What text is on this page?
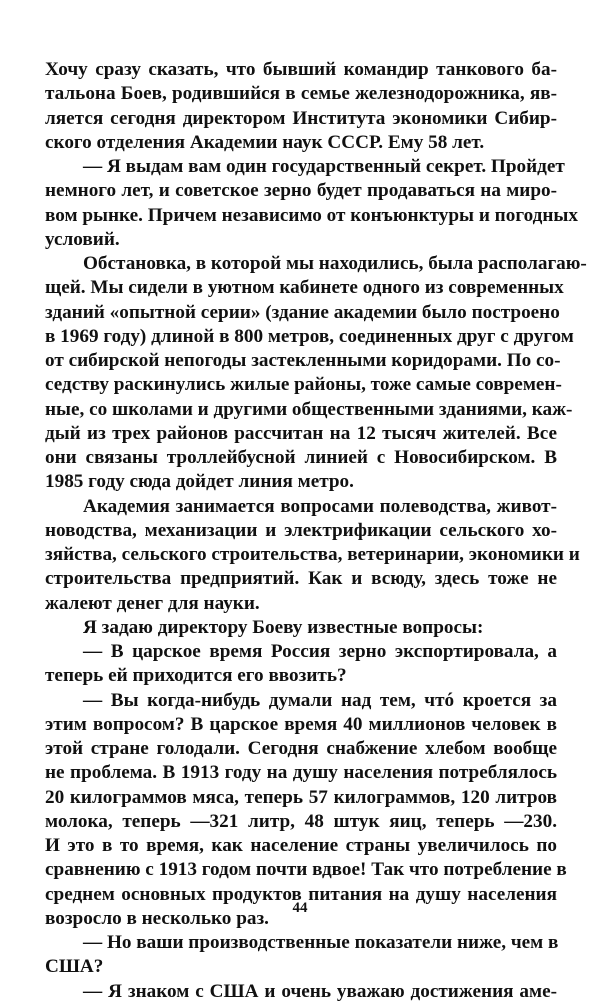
Хочу сразу сказать, что бывший командир танкового ба-
тальона Боев, родившийся в семье железнодорожника, яв-
ляется сегодня директором Института экономики Сибир-
ского отделения Академии наук СССР. Ему 58 лет.
— Я выдам вам один государственный секрет. Пройдет
немного лет, и советское зерно будет продаваться на миро-
вом рынке. Причем независимо от конъюнктуры и погодных
условий.
Обстановка, в которой мы находились, была располагаю-
щей. Мы сидели в уютном кабинете одного из современных
зданий «опытной серии» (здание академии было построено
в 1969 году) длиной в 800 метров, соединенных друг с другом
от сибирской непогоды застекленными коридорами. По со-
седству раскинулись жилые районы, тоже самые современ-
ные, со школами и другими общественными зданиями, каж-
дый из трех районов рассчитан на 12 тысяч жителей. Все
они связаны троллейбусной линией с Новосибирском. В
1985 году сюда дойдет линия метро.
Академия занимается вопросами полеводства, живот-
новодства, механизации и электрификации сельского хо-
зяйства, сельского строительства, ветеринарии, экономики и
строительства предприятий. Как и всюду, здесь тоже не
жалеют денег для науки.
Я задаю директору Боеву известные вопросы:
— В царское время Россия зерно экспортировала, а
теперь ей приходится его ввозить?
— Вы когда-нибудь думали над тем, чтó кроется за
этим вопросом? В царское время 40 миллионов человек в
этой стране голодали. Сегодня снабжение хлебом вообще
не проблема. В 1913 году на душу населения потреблялось
20 килограммов мяса, теперь 57 килограммов, 120 литров
молока, теперь —321 литр, 48 штук яиц, теперь —230.
И это в то время, как население страны увеличилось по
сравнению с 1913 годом почти вдвое! Так что потребление в
среднем основных продуктов питания на душу населения
возросло в несколько раз.
— Но ваши производственные показатели ниже, чем в
США?
— Я знаком с США и очень уважаю достижения аме-
44
